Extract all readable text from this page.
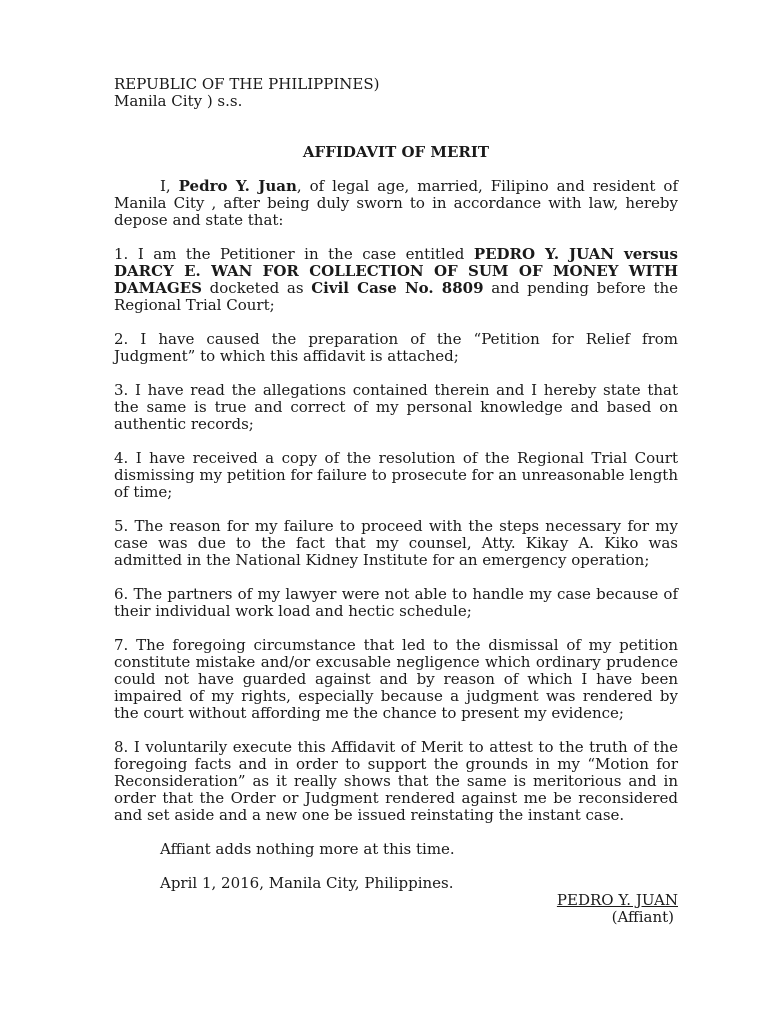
REPUBLIC OF THE PHILIPPINES)

Manila City ) s.s.

AFFIDAVIT OF MERIT

I, Pedro Y. Juan, of legal age, married, Filipino and resident of Manila City , after being duly sworn to in accordance with law, hereby depose and state that:

1. I am the Petitioner in the case entitled PEDRO Y. JUAN versus DARCY E. WAN FOR COLLECTION OF SUM OF MONEY WITH DAMAGES docketed as Civil Case No. 8809 and pending before the Regional Trial Court;

2. I have caused the preparation of the “Petition for Relief from Judgment” to which this affidavit is attached;

3. I have read the allegations contained therein and I hereby state that the same is true and correct of my personal knowledge and based on authentic records;

4. I have received a copy of the resolution of the Regional Trial Court dismissing my petition for failure to prosecute for an unreasonable length of time;

5. The reason for my failure to proceed with the steps necessary for my case was due to the fact that my counsel, Atty. Kikay A. Kiko was admitted in the National Kidney Institute for an emergency operation;

6. The partners of my lawyer were not able to handle my case because of their individual work load and hectic schedule;

7. The foregoing circumstance that led to the dismissal of my petition constitute mistake and/or excusable negligence which ordinary prudence could not have guarded against and by reason of which I have been impaired of my rights, especially because a judgment was rendered by the court without affording me the chance to present my evidence;

8. I voluntarily execute this Affidavit of Merit to attest to the truth of the foregoing facts and in order to support the grounds in my “Motion for Reconsideration” as it really shows that the same is meritorious and in order that the Order or Judgment rendered against me be reconsidered and set aside and a new one be issued reinstating the instant case.

Affiant adds nothing more at this time.

April 1, 2016, Manila City, Philippines.

PEDRO Y. JUAN
(Affiant)
